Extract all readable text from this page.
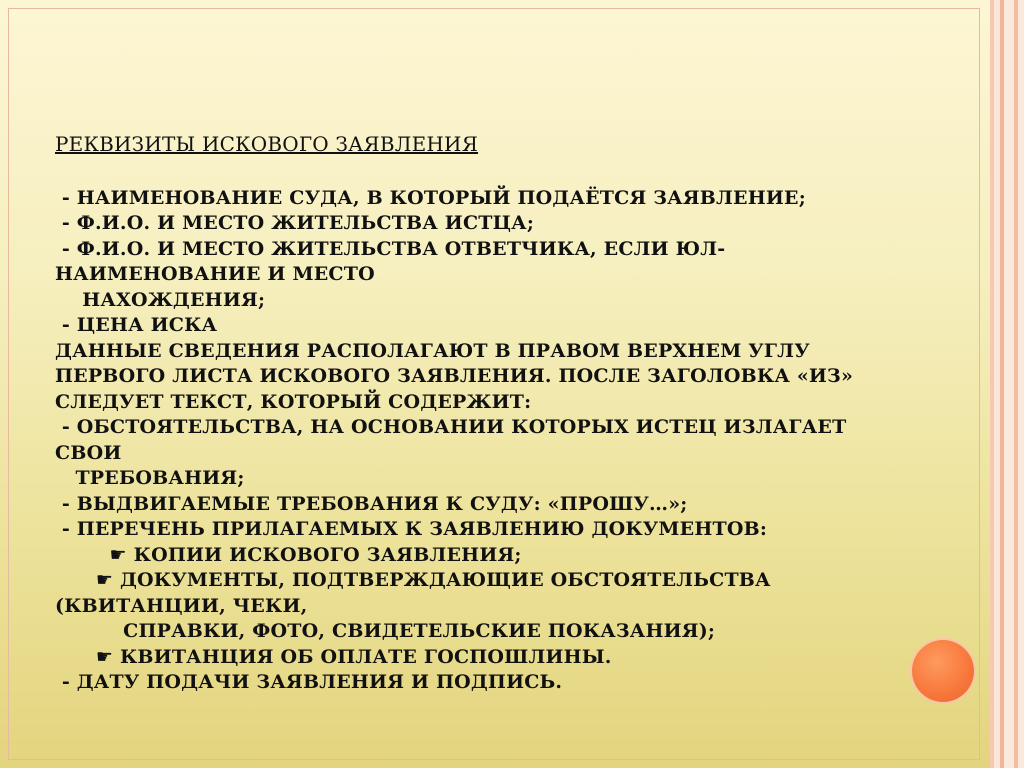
РЕКВИЗИТЫ ИСКОВОГО ЗАЯВЛЕНИЯ
- НАИМЕНОВАНИЕ СУДА, В КОТОРЫЙ ПОДАЁТСЯ ЗАЯВЛЕНИЕ;
- Ф.И.О. И МЕСТО ЖИТЕЛЬСТВА ИСТЦА;
- Ф.И.О. И МЕСТО ЖИТЕЛЬСТВА ОТВЕТЧИКА, ЕСЛИ ЮЛ-
НАИМЕНОВАНИЕ И МЕСТО
НАХОЖДЕНИЯ;
- ЦЕНА ИСКА
ДАННЫЕ СВЕДЕНИЯ РАСПОЛАГАЮТ В ПРАВОМ ВЕРХНЕМ УГЛУ
ПЕРВОГО ЛИСТА ИСКОВОГО ЗАЯВЛЕНИЯ. ПОСЛЕ ЗАГОЛОВКА «ИЗ»
СЛЕДУЕТ ТЕКСТ, КОТОРЫЙ СОДЕРЖИТ:
- ОБСТОЯТЕЛЬСТВА, НА ОСНОВАНИИ КОТОРЫХ ИСТЕЦ ИЗЛАГАЕТ
СВОИ
ТРЕБОВАНИЯ;
- ВЫДВИГАЕМЫЕ ТРЕБОВАНИЯ К СУДУ: «ПРОШУ…»;
- ПЕРЕЧЕНЬ ПРИЛАГАЕМЫХ К ЗАЯВЛЕНИЮ ДОКУМЕНТОВ:
☛ КОПИИ ИСКОВОГО ЗАЯВЛЕНИЯ;
☛ ДОКУМЕНТЫ, ПОДТВЕРЖДАЮЩИЕ ОБСТОЯТЕЛЬСТВА
(КВИТАНЦИИ, ЧЕКИ,
СПРАВКИ, ФОТО, СВИДЕТЕЛЬСКИЕ ПОКАЗАНИЯ);
☛ КВИТАНЦИЯ ОБ ОПЛАТЕ ГОСПОШЛИНЫ.
- ДАТУ ПОДАЧИ ЗАЯВЛЕНИЯ И ПОДПИСЬ.
